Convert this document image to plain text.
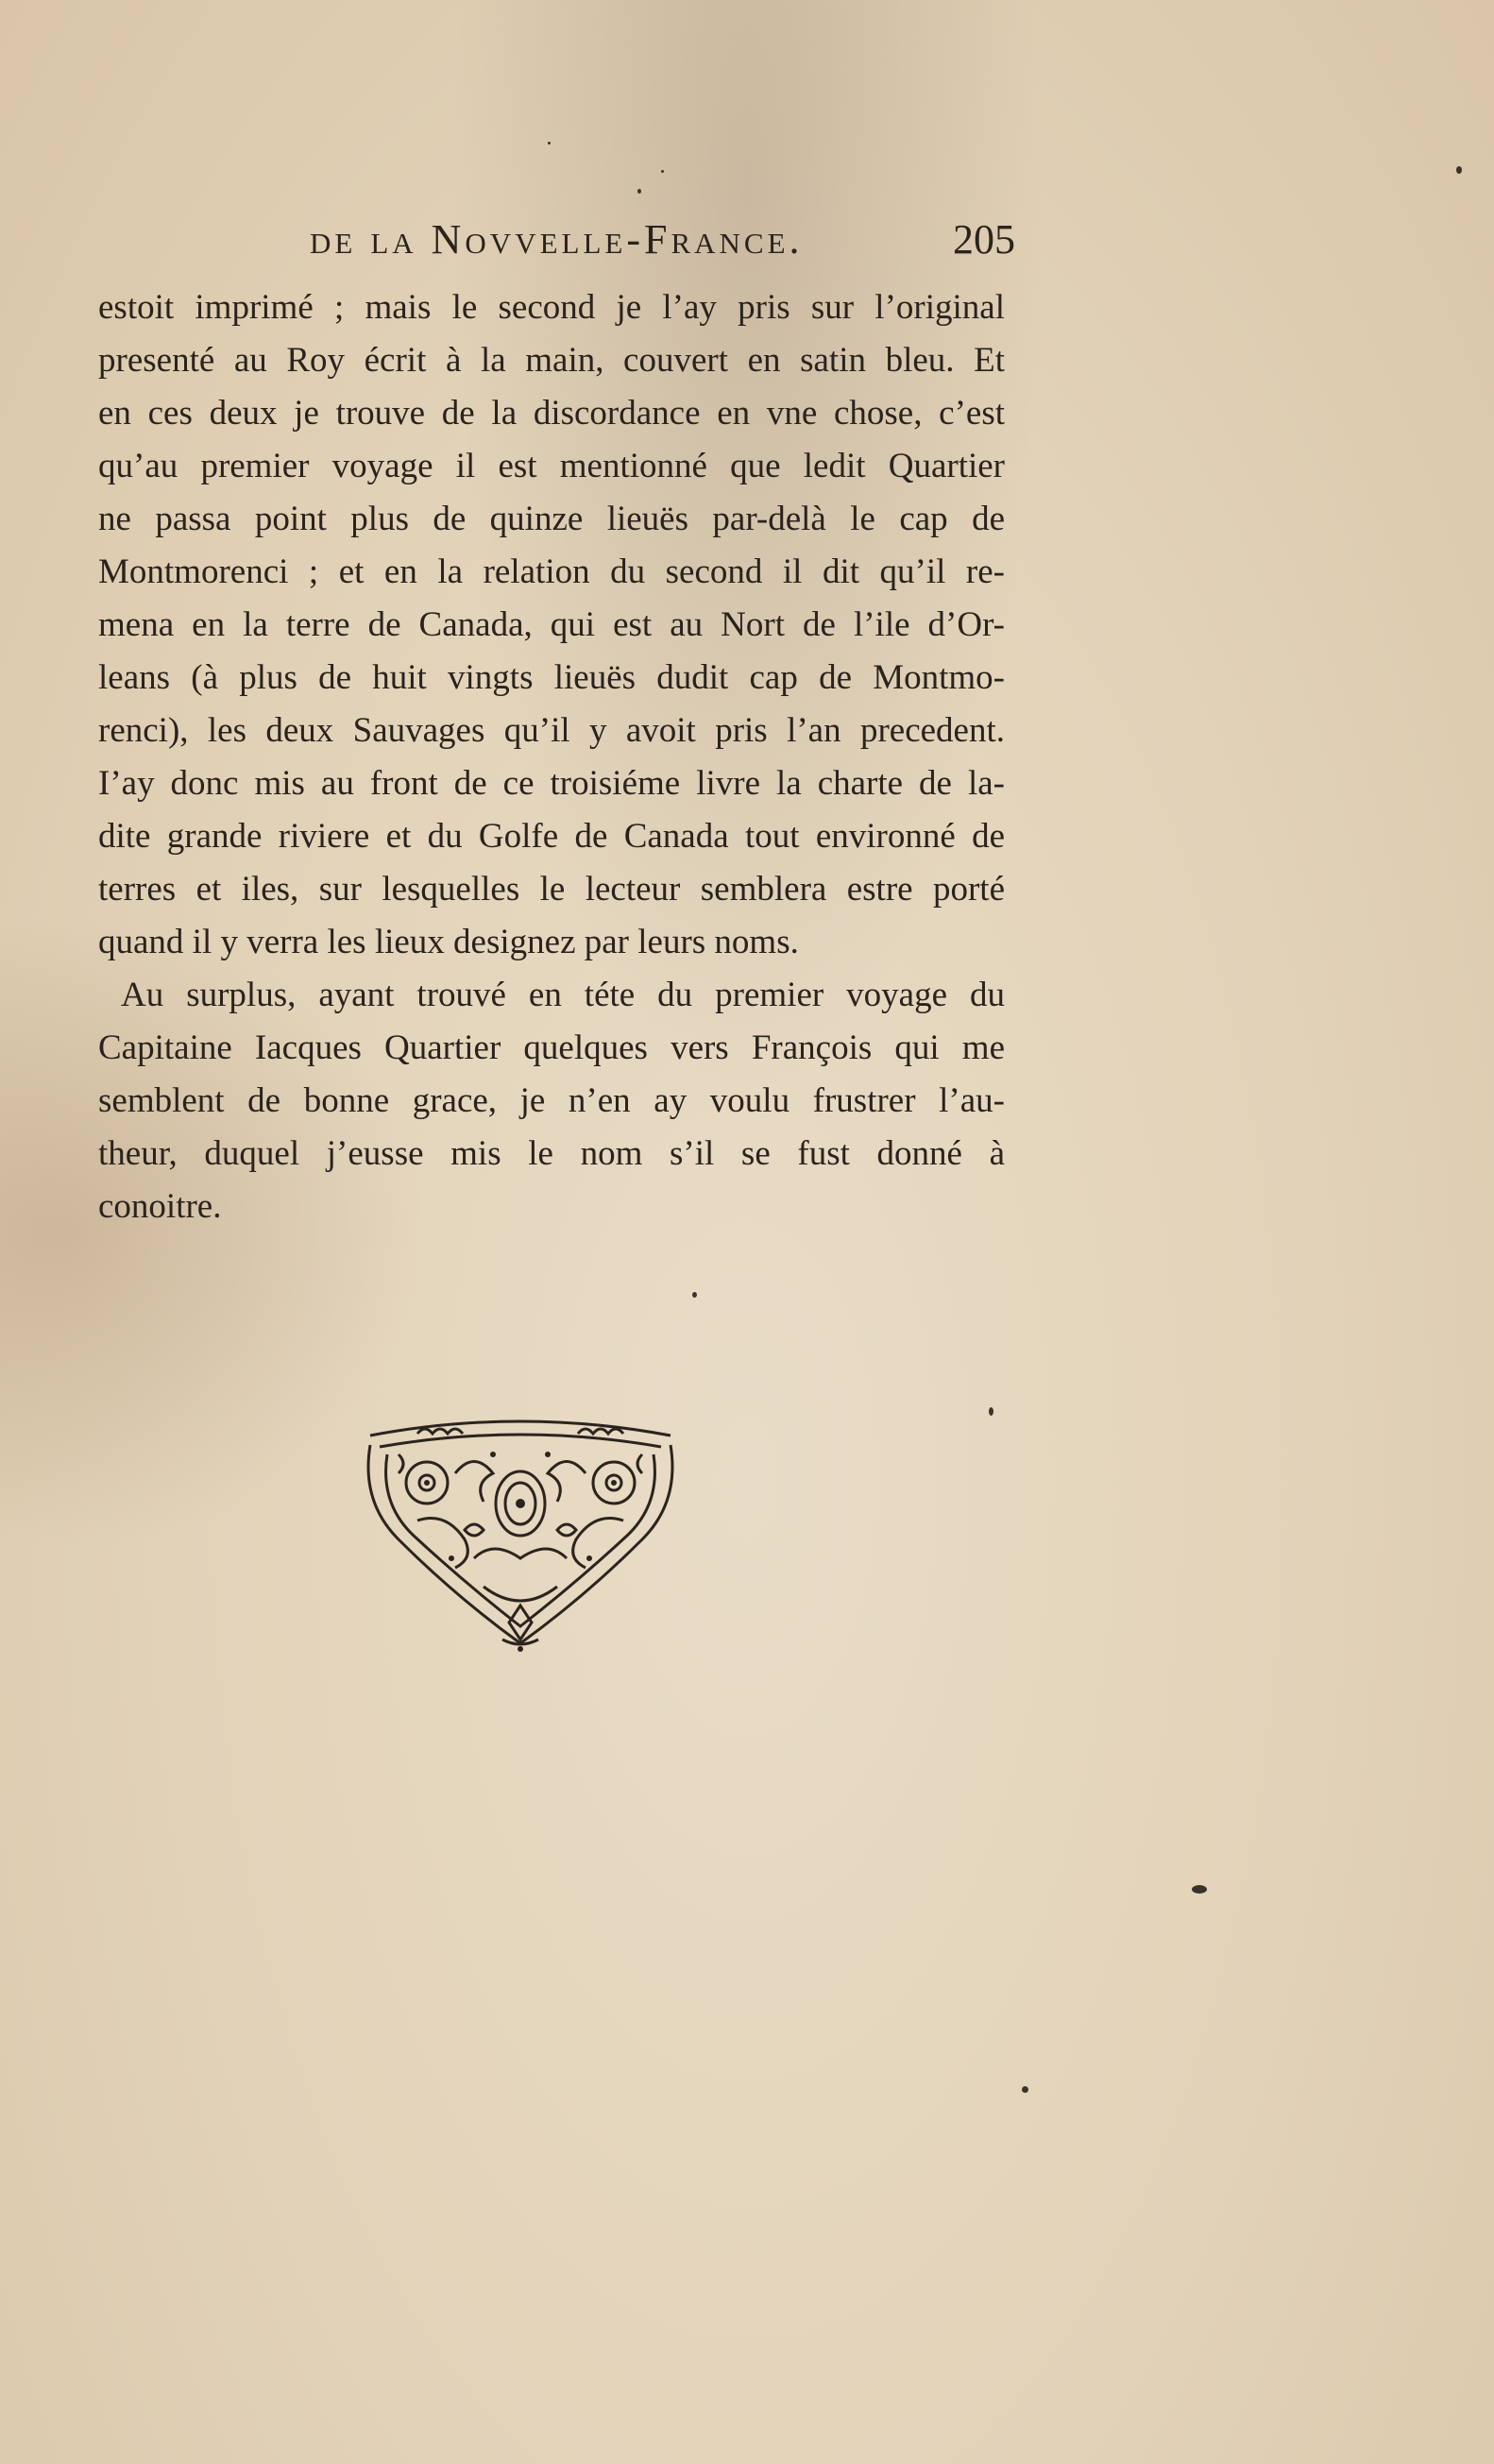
de la Novvelle-France.	205
estoit imprimé ; mais le second je l’ay pris sur l’original
presenté au Roy écrit à la main, couvert en satin bleu. Et
en ces deux je trouve de la discordance en vne chose, c’est
qu’au premier voyage il est mentionné que ledit Quartier
ne passa point plus de quinze lieuës par-delà le cap de
Montmorenci ; et en la relation du second il dit qu’il re-
mena en la terre de Canada, qui est au Nort de l’ile d’Or-
leans (à plus de huit vingts lieuës dudit cap de Montmo-
renci), les deux Sauvages qu’il y avoit pris l’an precedent.
I’ay donc mis au front de ce troisiéme livre la charte de la-
dite grande riviere et du Golfe de Canada tout environné de
terres et iles, sur lesquelles le lecteur semblera estre porté
quand il y verra les lieux designez par leurs noms.
Au surplus, ayant trouvé en téte du premier voyage du
Capitaine Iacques Quartier quelques vers François qui me
semblent de bonne grace, je n’en ay voulu frustrer l’au-
theur, duquel j’eusse mis le nom s’il se fust donné à
conoitre.
